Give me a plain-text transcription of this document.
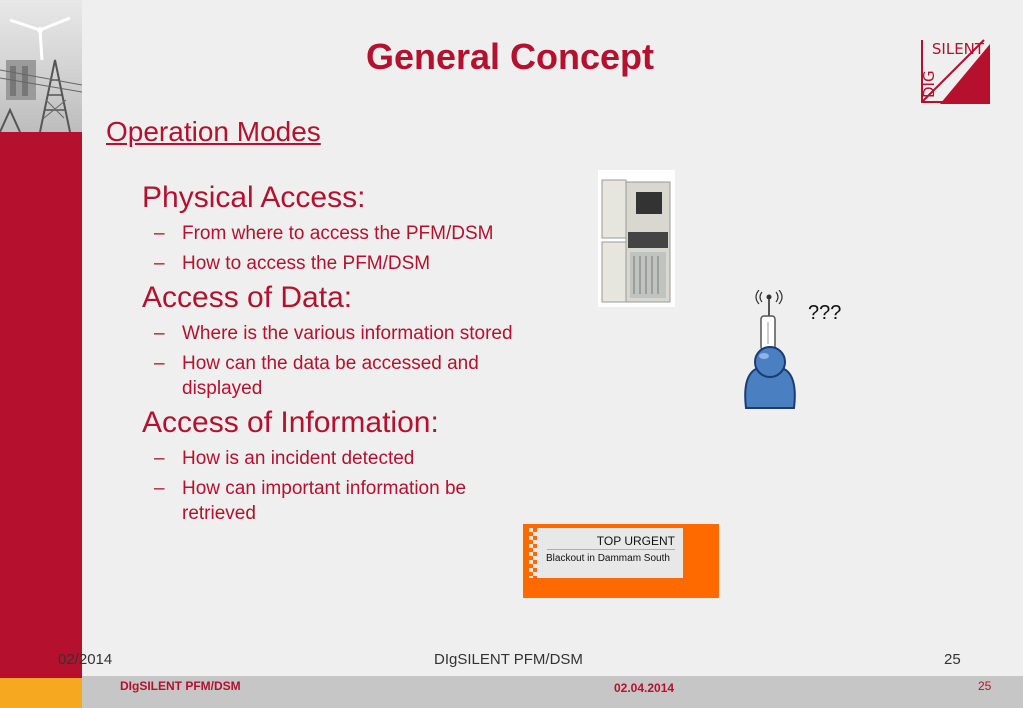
General Concept	SILENT
DIG
Operation Modes
Physical Access:
– From where to access the PFM/DSM
– How to access the PFM/DSM
Access of Data:
– Where is the various information stored
– How can the data be accessed and displayed
Access of Information:
– How is an incident detected
– How can important information be retrieved
???
TOP URGENT
Blackout in Dammam South
02/2014	DIgSILENT PFM/DSM	25
DIgSILENT PFM/DSM	02.04.2014	25
